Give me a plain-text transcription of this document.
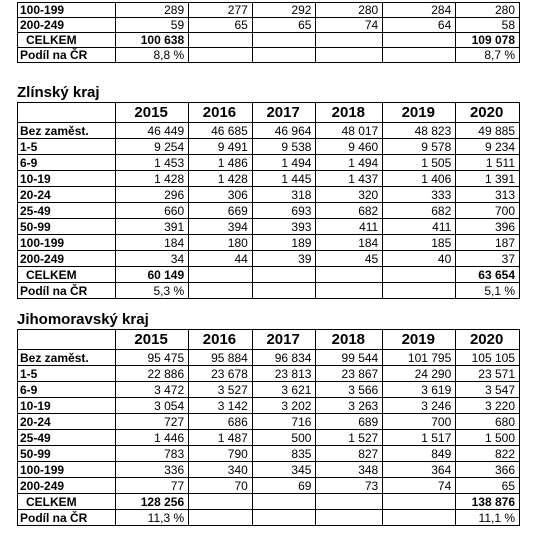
100-199	289	277	292	280	284	280
200-249	59	65	65	74	64	58
CELKEM	100 638					109 078
Podíl na ČR	8,8 %					8,7 %
Zlínský kraj
	2015	2016	2017	2018	2019	2020
Bez zaměst.	46 449	46 685	46 964	48 017	48 823	49 885
1-5	9 254	9 491	9 538	9 460	9 578	9 234
6-9	1 453	1 486	1 494	1 494	1 505	1 511
10-19	1 428	1 428	1 445	1 437	1 406	1 391
20-24	296	306	318	320	333	313
25-49	660	669	693	682	682	700
50-99	391	394	393	411	411	396
100-199	184	180	189	184	185	187
200-249	34	44	39	45	40	37
CELKEM	60 149					63 654
Podíl na ČR	5,3 %					5,1 %
Jihomoravský kraj
	2015	2016	2017	2018	2019	2020
Bez zaměst.	95 475	95 884	96 834	99 544	101 795	105 105
1-5	22 886	23 678	23 813	23 867	24 290	23 571
6-9	3 472	3 527	3 621	3 566	3 619	3 547
10-19	3 054	3 142	3 202	3 263	3 246	3 220
20-24	727	686	716	689	700	680
25-49	1 446	1 487	500	1 527	1 517	1 500
50-99	783	790	835	827	849	822
100-199	336	340	345	348	364	366
200-249	77	70	69	73	74	65
CELKEM	128 256					138 876
Podíl na ČR	11,3 %					11,1 %
